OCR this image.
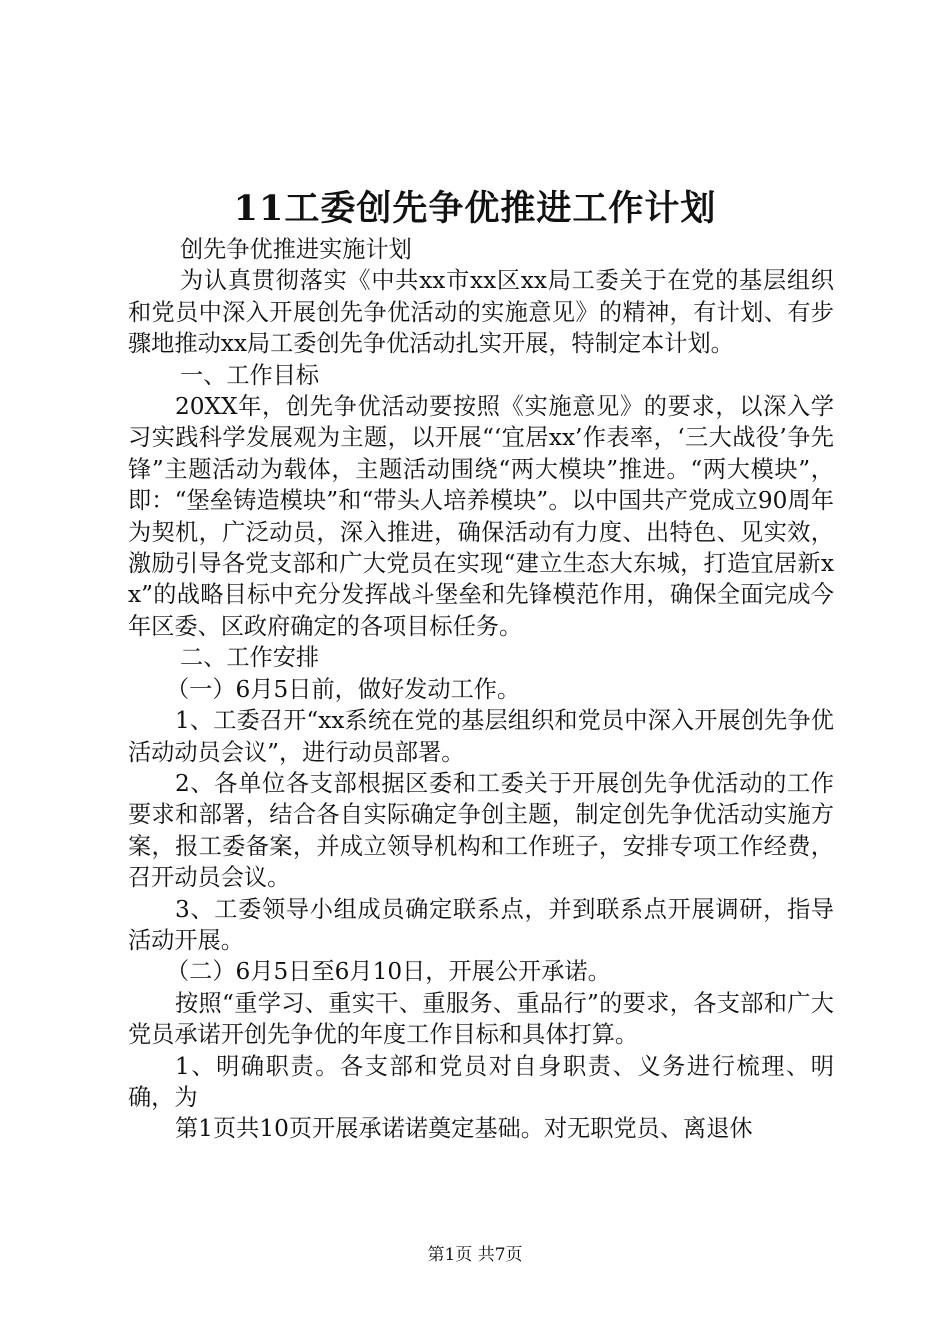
11工委创先争优推进工作计划

创先争优推进实施计划

为认真贯彻落实《中共xx市xx区xx局工委关于在党的基层组织和党员中深入开展创先争优活动的实施意见》的精神，有计划、有步骤地推动xx局工委创先争优活动扎实开展，特制定本计划。

一、工作目标

20XX年，创先争优活动要按照《实施意见》的要求，以深入学习实践科学发展观为主题，以开展“‘宜居xx’作表率，‘三大战役’争先锋”主题活动为载体，主题活动围绕“两大模块”推进。“两大模块”，即：“堡垒铸造模块”和“带头人培养模块”。以中国共产党成立90周年为契机，广泛动员，深入推进，确保活动有力度、出特色、见实效，激励引导各党支部和广大党员在实现“建立生态大东城，打造宜居新xx”的战略目标中充分发挥战斗堡垒和先锋模范作用，确保全面完成今年区委、区政府确定的各项目标任务。

二、工作安排

（一）6月5日前，做好发动工作。

1、工委召开“xx系统在党的基层组织和党员中深入开展创先争优活动动员会议”，进行动员部署。

2、各单位各支部根据区委和工委关于开展创先争优活动的工作要求和部署，结合各自实际确定争创主题，制定创先争优活动实施方案，报工委备案，并成立领导机构和工作班子，安排专项工作经费，召开动员会议。

3、工委领导小组成员确定联系点，并到联系点开展调研，指导活动开展。

（二）6月5日至6月10日，开展公开承诺。

按照“重学习、重实干、重服务、重品行”的要求，各支部和广大党员承诺开创先争优的年度工作目标和具体打算。

1、明确职责。各支部和党员对自身职责、义务进行梳理、明确，为

第1页共10页开展承诺诺奠定基础。对无职党员、离退休

第1页 共7页
